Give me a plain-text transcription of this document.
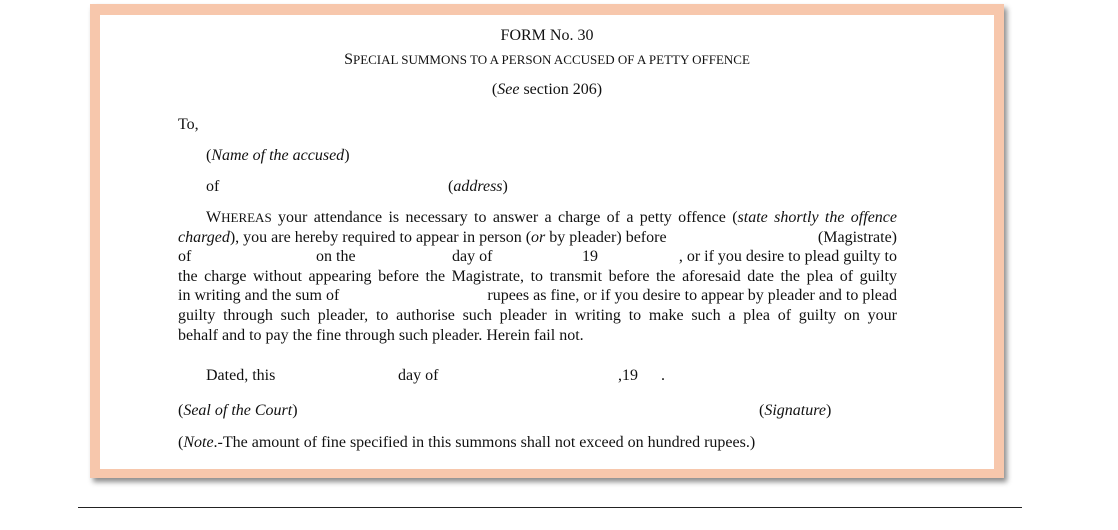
FORM No. 30
SPECIAL SUMMONS TO A PERSON ACCUSED OF A PETTY OFFENCE
(See section 206)
To,
(Name of the accused)
of	(address)
WHEREAS your attendance is necessary to answer a charge of a petty offence (state shortly the offence
charged), you are hereby required to appear in person (or by pleader) before	(Magistrate)
of	on the	day of	19	, or if you desire to plead guilty to
the charge without appearing before the Magistrate, to transmit before the aforesaid date the plea of guilty
in writing and the sum of	rupees as fine, or if you desire to appear by pleader and to plead
guilty through such pleader, to authorise such pleader in writing to make such a plea of guilty on your
behalf and to pay the fine through such pleader. Herein fail not.
Dated, this	day of	,19 .
(Seal of the Court)	(Signature)
(Note.-The amount of fine specified in this summons shall not exceed on hundred rupees.)
